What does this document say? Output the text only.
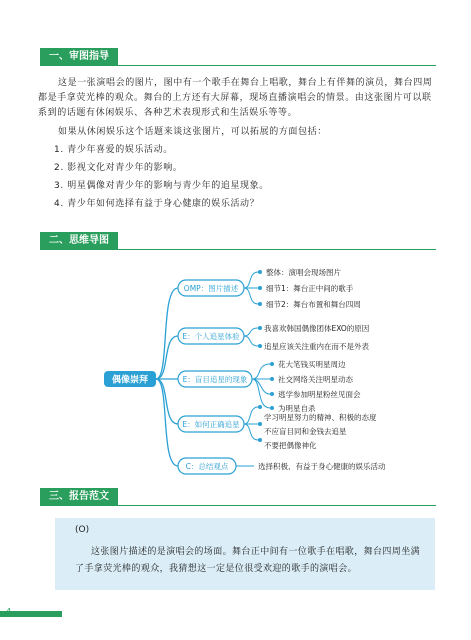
一、审图指导

这是一张演唱会的图片，图中有一个歌手在舞台上唱歌，舞台上有伴舞的演员，舞台四周都是手拿荧光棒的观众。舞台的上方还有大屏幕，现场直播演唱会的情景。由这张图片可以联系到的话题有休闲娱乐、各种艺术表现形式和生活娱乐等等。

如果从休闲娱乐这个话题来谈这张图片，可以拓展的方面包括：

1. 青少年喜爱的娱乐活动。

2. 影视文化对青少年的影响。

3. 明星偶像对青少年的影响与青少年的追星现象。

4. 青少年如何选择有益于身心健康的娱乐活动？

二、思维导图
偶像崇拜
OMP：图片描述
E：个人追星体验
E：盲目追星的现象
E：如何正确追星
C：总结观点
整体：演唱会现场图片
细节1：舞台正中间的歌手
细节2：舞台布置和舞台四周
我喜欢韩国偶像团体EXO的原因
追星应该关注重内在而不是外表
花大笔钱买明星周边
社交网络关注明星动态
逃学参加明星粉丝见面会
为明星自杀
学习明星努力的精神、积极的态度
不应盲目同和金钱去追星
不要把偶像神化
选择积极、有益于身心健康的娱乐活动
三、报告范文
(O)
这张图片描述的是演唱会的场面。舞台正中间有一位歌手在唱歌，舞台四周坐满了手拿荧光棒的观众，我猜想这一定是位很受欢迎的歌手的演唱会。
4
